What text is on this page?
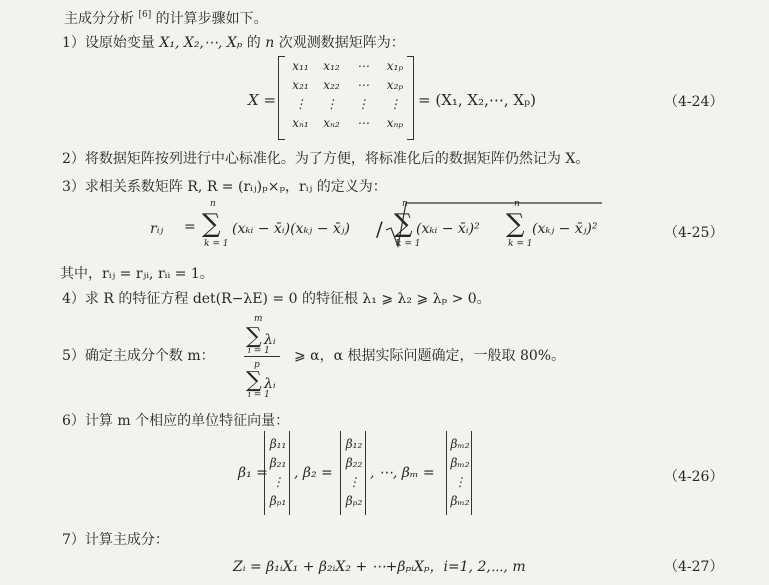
主成分分析 [6] 的计算步骤如下。
1）设原始变量 X₁, X₂,⋯, Xₚ 的 n 次观测数据矩阵为：
X =
x₁₁	x₁₂	⋯	x₁ₚ
x₂₁	x₂₂	⋯	x₂ₚ
⋮	⋮	⋮	⋮
xₙ₁	xₙ₂	⋯	xₙₚ
= (X₁, X₂,⋯, Xₚ)	（4-24）
2）将数据矩阵按列进行中心标准化。为了方便，将标准化后的数据矩阵仍然记为 X。
3）求相关系数矩阵 R, R = (rᵢⱼ)ₚ×ₚ，rᵢⱼ 的定义为：
rᵢⱼ = ∑
n
k = 1
(xₖᵢ − x̄ᵢ)(xₖⱼ − x̄ⱼ) / ∑
n
k = 1
(xₖᵢ − x̄ᵢ)² ∑
n
k = 1
(xₖⱼ − x̄ⱼ)²	（4-25）
其中，rᵢⱼ = rⱼᵢ, rᵢᵢ = 1。
4）求 R 的特征方程 det(R−λE) = 0 的特征根 λ₁ ⩾ λ₂ ⩾ λₚ > 0。
5）确定主成分个数 m：
m
∑
i = 1
λᵢ
p
∑
i = 1
λᵢ
⩾ α，α 根据实际问题确定，一般取 80%。
6）计算 m 个相应的单位特征向量：
β₁ =
β₁₁
β₂₁
⋮
βₚ₁
, β₂ =
β₁₂
β₂₂
⋮
βₚ₂
, ⋯, βₘ =
βₘ₂
βₘ₂
⋮
βₘ₂
（4-26）
7）计算主成分：
Zᵢ = β₁ᵢX₁ + β₂ᵢX₂ + ⋯+βₚᵢXₚ，i=1, 2,⋯, m	（4-27）
